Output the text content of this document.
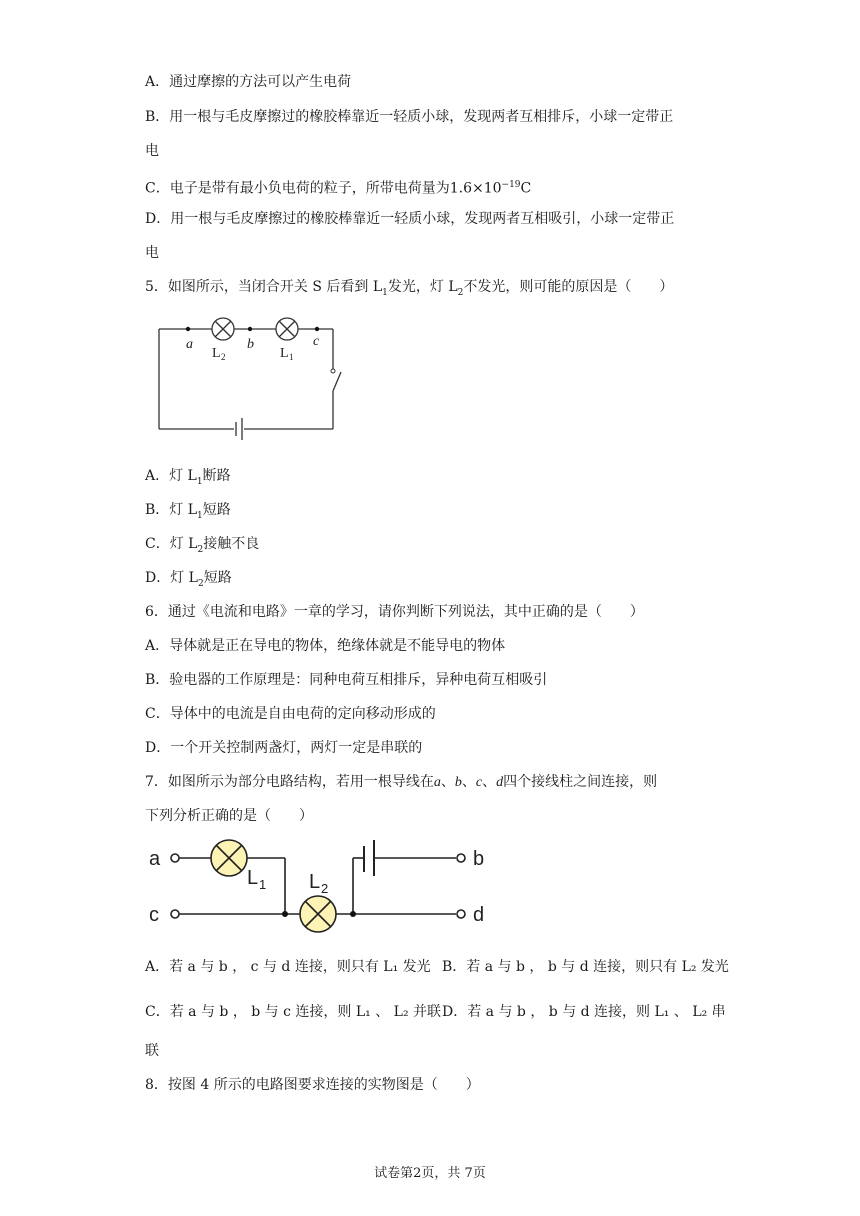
A．通过摩擦的方法可以产生电荷
B．用一根与毛皮摩擦过的橡胶棒靠近一轻质小球，发现两者互相排斥，小球一定带正
电
C．电子是带有最小负电荷的粒子，所带电荷量为$1.6\times 10^{-19}C$
D．用一根与毛皮摩擦过的橡胶棒靠近一轻质小球，发现两者互相吸引，小球一定带正
电
5．如图所示，当闭合开关 S 后看到 $L_1$发光，灯 $L_2$不发光，则可能的原因是（　　）
a	b	c
L 2	L 1
A．灯 $L_1$断路
B．灯 $L_1$短路
C．灯 $L_2$接触不良
D．灯 $L_2$短路
6．通过《电流和电路》一章的学习，请你判断下列说法，其中正确的是（　　）
A．导体就是正在导电的物体，绝缘体就是不能导电的物体
B．验电器的工作原理是：同种电荷互相排斥，异种电荷互相吸引
C．导体中的电流是自由电荷的定向移动形成的
D．一个开关控制两盏灯，两灯一定是串联的
7．如图所示为部分电路结构，若用一根导线在a、b、c、d四个接线柱之间连接，则
下列分析正确的是（　　）
a
c
b
d
L 1 L 2
A．若 a 与 b ， c 与 d 连接，则只有 L₁ 发光 B．若 a 与 b ， b 与 d 连接，则只有 L₂ 发光
C．若 a 与 b ， b 与 c 连接，则 L₁ 、 L₂ 并联 D．若 a 与 b ， b 与 d 连接，则 L₁ 、 L₂ 串
联
8．按图 4 所示的电路图要求连接的实物图是（　　）
试卷第2页，共 7页
